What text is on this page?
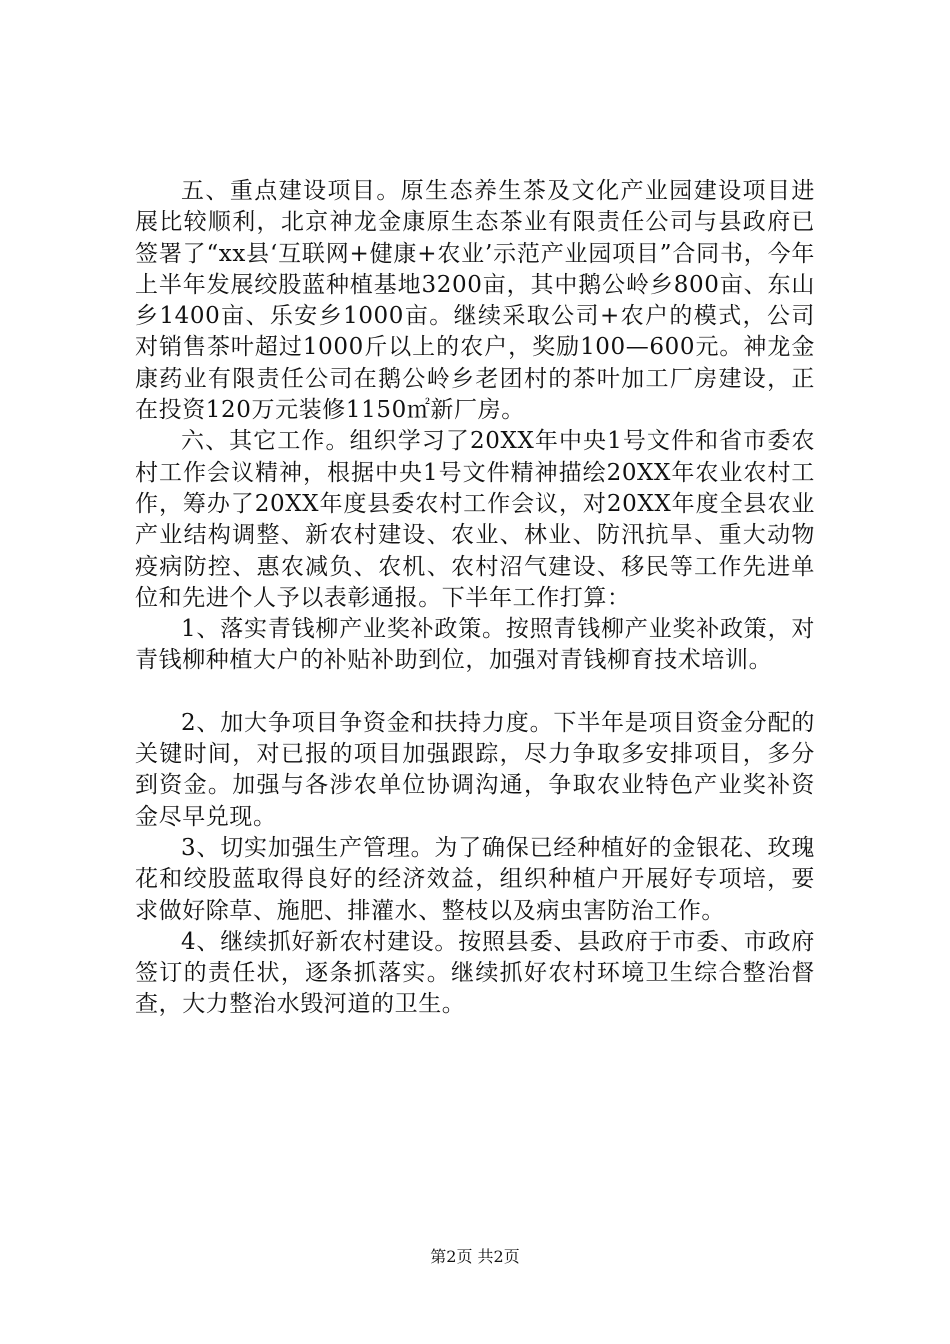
五、重点建设项目。原生态养生茶及文化产业园建设项目进展比较顺利，北京神龙金康原生态茶业有限责任公司与县政府已签署了“xx县‘互联网+健康+农业’示范产业园项目”合同书，今年上半年发展绞股蓝种植基地3200亩，其中鹅公岭乡800亩、东山乡1400亩、乐安乡1000亩。继续采取公司+农户的模式，公司对销售茶叶超过1000斤以上的农户，奖励100—600元。神龙金康药业有限责任公司在鹅公岭乡老团村的茶叶加工厂房建设，正在投资120万元装修1150㎡新厂房。

六、其它工作。组织学习了20XX年中央1号文件和省市委农村工作会议精神，根据中央1号文件精神描绘20XX年农业农村工作，筹办了20XX年度县委农村工作会议，对20XX年度全县农业产业结构调整、新农村建设、农业、林业、防汛抗旱、重大动物疫病防控、惠农减负、农机、农村沼气建设、移民等工作先进单位和先进个人予以表彰通报。下半年工作打算：

1、落实青钱柳产业奖补政策。按照青钱柳产业奖补政策，对青钱柳种植大户的补贴补助到位，加强对青钱柳育技术培训。

2、加大争项目争资金和扶持力度。下半年是项目资金分配的关键时间，对已报的项目加强跟踪，尽力争取多安排项目，多分到资金。加强与各涉农单位协调沟通，争取农业特色产业奖补资金尽早兑现。

3、切实加强生产管理。为了确保已经种植好的金银花、玫瑰花和绞股蓝取得良好的经济效益，组织种植户开展好专项培，要求做好除草、施肥、排灌水、整枝以及病虫害防治工作。

4、继续抓好新农村建设。按照县委、县政府于市委、市政府签订的责任状，逐条抓落实。继续抓好农村环境卫生综合整治督查，大力整治水毁河道的卫生。

第2页 共2页
